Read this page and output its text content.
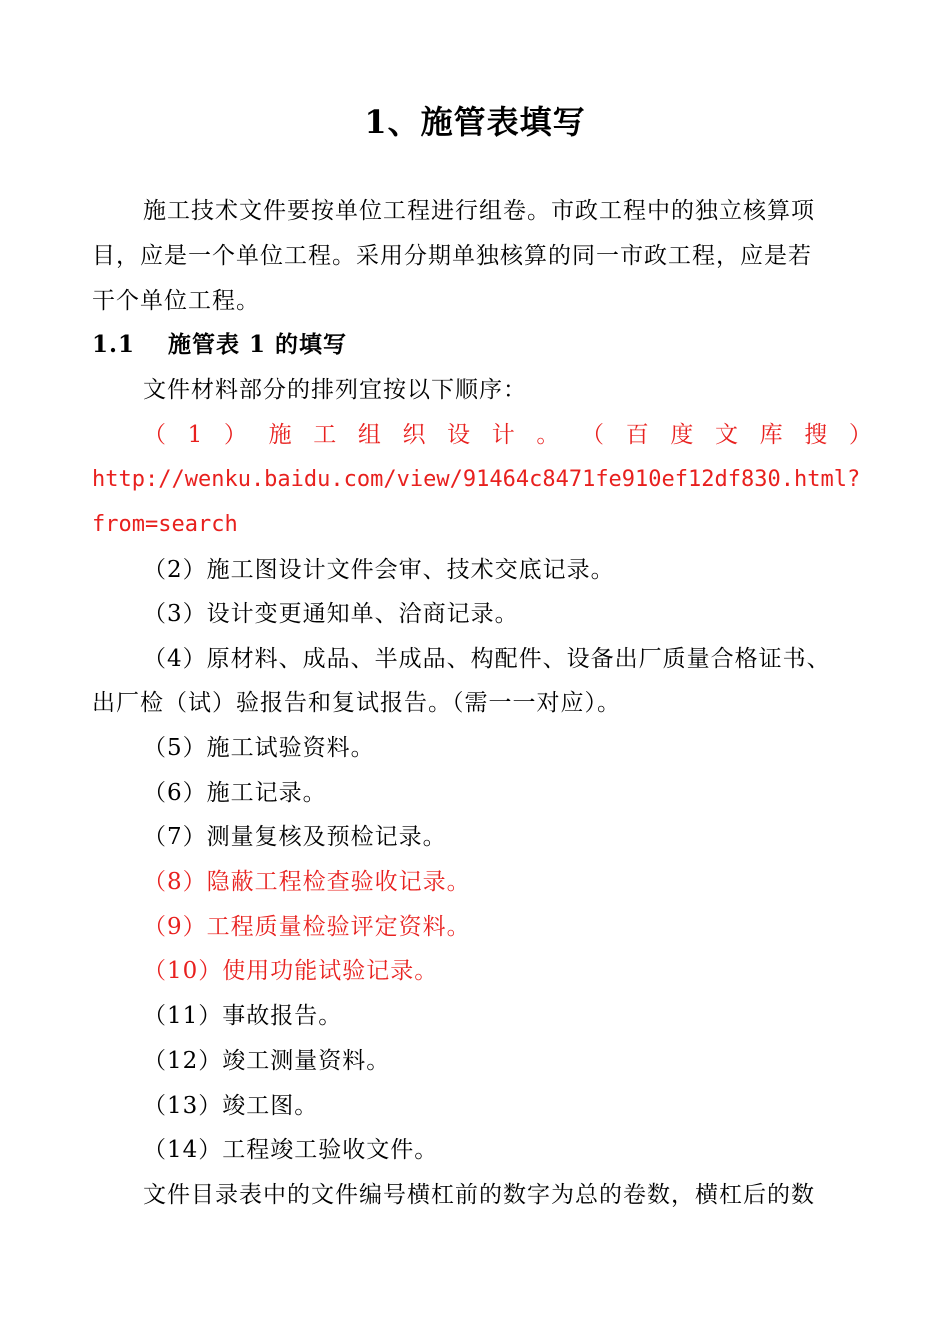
1、施管表填写
施工技术文件要按单位工程进行组卷。市政工程中的独立核算项
目，应是一个单位工程。采用分期单独核算的同一市政工程，应是若
干个单位工程。
1.1 施管表 1 的填写
文件材料部分的排列宜按以下顺序：
（ 1 ） 施 工 组 织 设 计 。 （ 百 度 文 库 搜 ）
http://wenku.baidu.com/view/91464c8471fe910ef12df830.html?
from=search
（2）施工图设计文件会审、技术交底记录。
（3）设计变更通知单、洽商记录。
（4）原材料、成品、半成品、构配件、设备出厂质量合格证书、
出厂检（试）验报告和复试报告。（需一一对应）。
（5）施工试验资料。
（6）施工记录。
（7）测量复核及预检记录。
（8）隐蔽工程检查验收记录。
（9）工程质量检验评定资料。
（10）使用功能试验记录。
（11）事故报告。
（12）竣工测量资料。
（13）竣工图。
（14）工程竣工验收文件。
文件目录表中的文件编号横杠前的数字为总的卷数，横杠后的数
